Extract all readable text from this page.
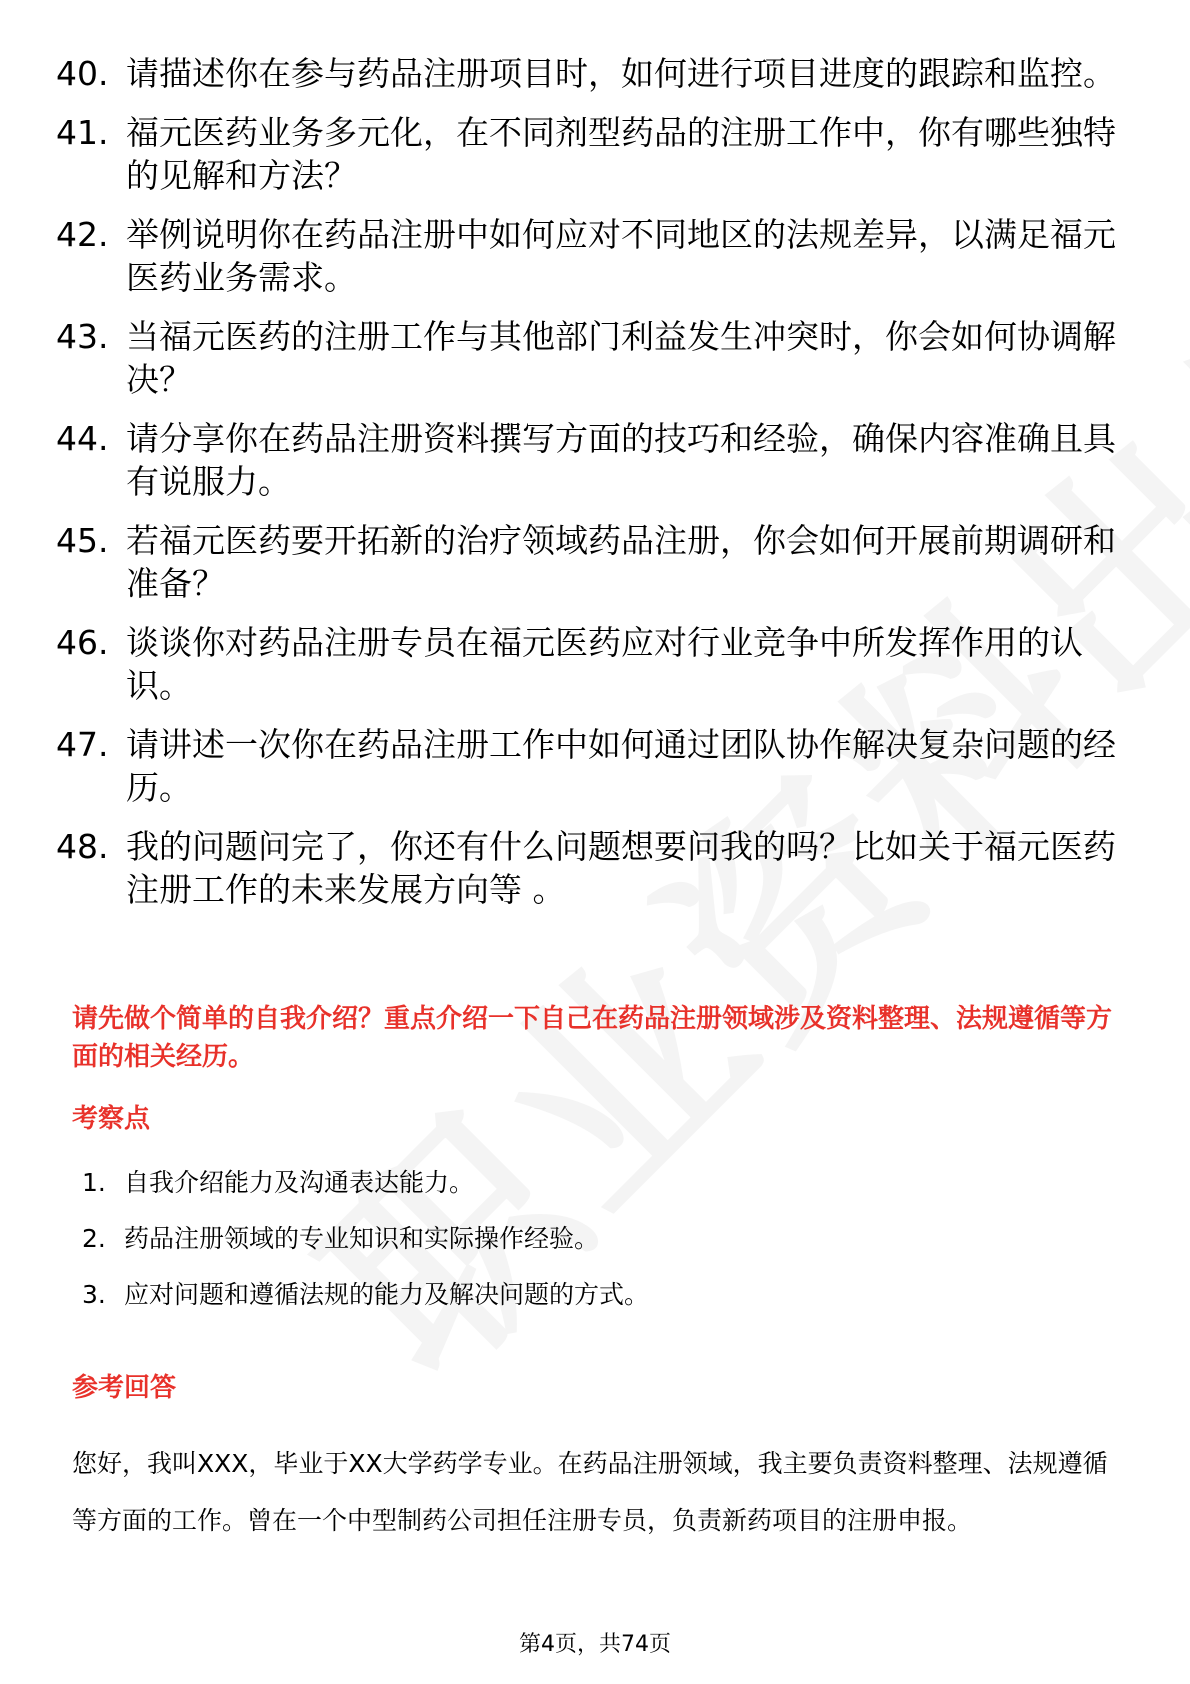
40. 请描述你在参与药品注册项目时，如何进行项目进度的跟踪和监控。
41. 福元医药业务多元化，在不同剂型药品的注册工作中，你有哪些独特的见解和方法？
42. 举例说明你在药品注册中如何应对不同地区的法规差异，以满足福元医药业务需求。
43. 当福元医药的注册工作与其他部门利益发生冲突时，你会如何协调解决？
44. 请分享你在药品注册资料撰写方面的技巧和经验，确保内容准确且具有说服力。
45. 若福元医药要开拓新的治疗领域药品注册，你会如何开展前期调研和准备？
46. 谈谈你对药品注册专员在福元医药应对行业竞争中所发挥作用的认识。
47. 请讲述一次你在药品注册工作中如何通过团队协作解决复杂问题的经历。
48. 我的问题问完了，你还有什么问题想要问我的吗？比如关于福元医药注册工作的未来发展方向等 。

请先做个简单的自我介绍？重点介绍一下自己在药品注册领域涉及资料整理、法规遵循等方面的相关经历。

考察点
1. 自我介绍能力及沟通表达能力。
2. 药品注册领域的专业知识和实际操作经验。
3. 应对问题和遵循法规的能力及解决问题的方式。
参考回答

您好，我叫XXX，毕业于XX大学药学专业。在药品注册领域，我主要负责资料整理、法规遵循等方面的工作。曾在一个中型制药公司担任注册专员，负责新药项目的注册申报。

第4页，共74页
